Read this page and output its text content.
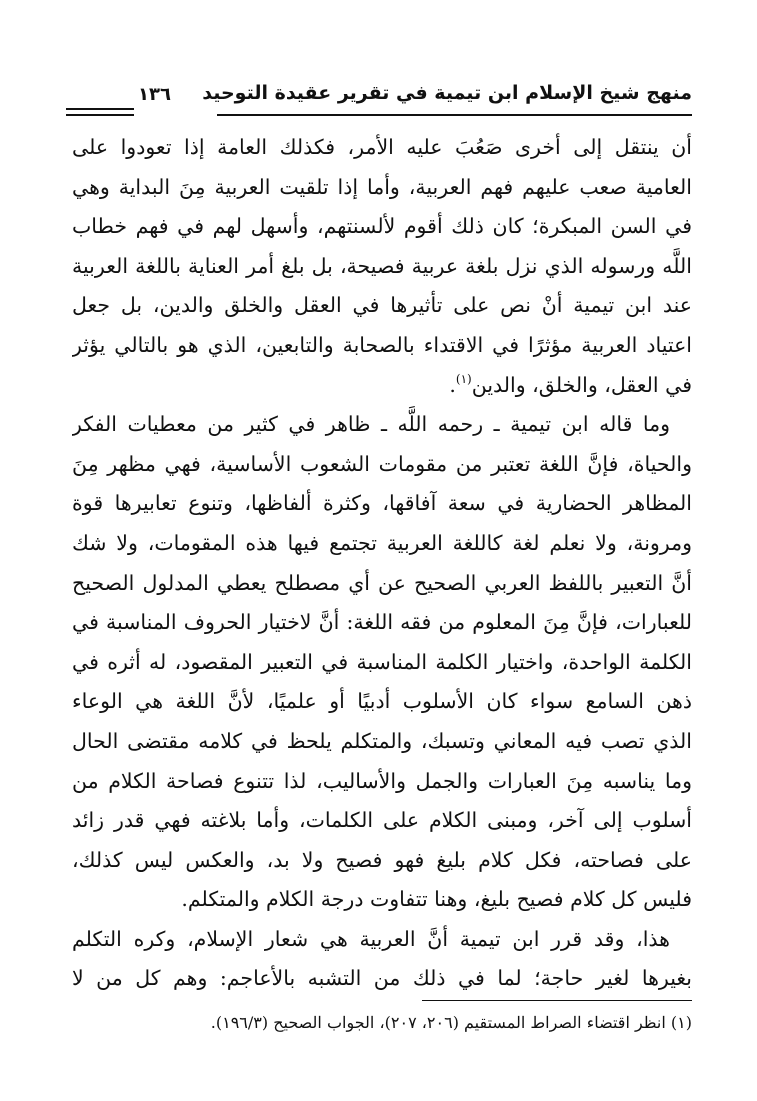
منهج شيخ الإسلام ابن تيمية في تقرير عقيدة التوحيد
١٣٦
أن ينتقل إلى أخرى صَعُبَ عليه الأمر، فكذلك العامة إذا تعودوا على
العامية صعب عليهم فهم العربية، وأما إذا تلقيت العربية مِنَ البداية وهي
في السن المبكرة؛ كان ذلك أقوم لألسنتهم، وأسهل لهم في فهم خطاب
اللَّه ورسوله الذي نزل بلغة عربية فصيحة، بل بلغ أمر العناية باللغة العربية
عند ابن تيمية أنْ نص على تأثيرها في العقل والخلق والدين، بل جعل
اعتياد العربية مؤثرًا في الاقتداء بالصحابة والتابعين، الذي هو بالتالي يؤثر
في العقل، والخلق، والدين$^{(١)}$.
وما قاله ابن تيمية ـ رحمه اللَّه ـ ظاهر في كثير من معطيات الفكر
والحياة، فإنَّ اللغة تعتبر من مقومات الشعوب الأساسية، فهي مظهر مِنَ
المظاهر الحضارية في سعة آفاقها، وكثرة ألفاظها، وتنوع تعابيرها قوة
ومرونة، ولا نعلم لغة كاللغة العربية تجتمع فيها هذه المقومات، ولا شك
أنَّ التعبير باللفظ العربي الصحيح عن أي مصطلح يعطي المدلول الصحيح
للعبارات، فإنَّ مِنَ المعلوم من فقه اللغة: أنَّ لاختيار الحروف المناسبة في
الكلمة الواحدة، واختيار الكلمة المناسبة في التعبير المقصود، له أثره في
ذهن السامع سواء كان الأسلوب أدبيًا أو علميًا، لأنَّ اللغة هي الوعاء
الذي تصب فيه المعاني وتسبك، والمتكلم يلحظ في كلامه مقتضى الحال
وما يناسبه مِنَ العبارات والجمل والأساليب، لذا تتنوع فصاحة الكلام من
أسلوب إلى آخر، ومبنى الكلام على الكلمات، وأما بلاغته فهي قدر زائد
على فصاحته، فكل كلام بليغ فهو فصيح ولا بد، والعكس ليس كذلك،
فليس كل كلام فصيح بليغ، وهنا تتفاوت درجة الكلام والمتكلم.
هذا، وقد قرر ابن تيمية أنَّ العربية هي شعار الإسلام، وكره التكلم
بغيرها لغير حاجة؛ لما في ذلك من التشبه بالأعاجم: وهم كل من لا
(١) انظر اقتضاء الصراط المستقيم (٢٠٦، ٢٠٧)، الجواب الصحيح (١٩٦/٣).
